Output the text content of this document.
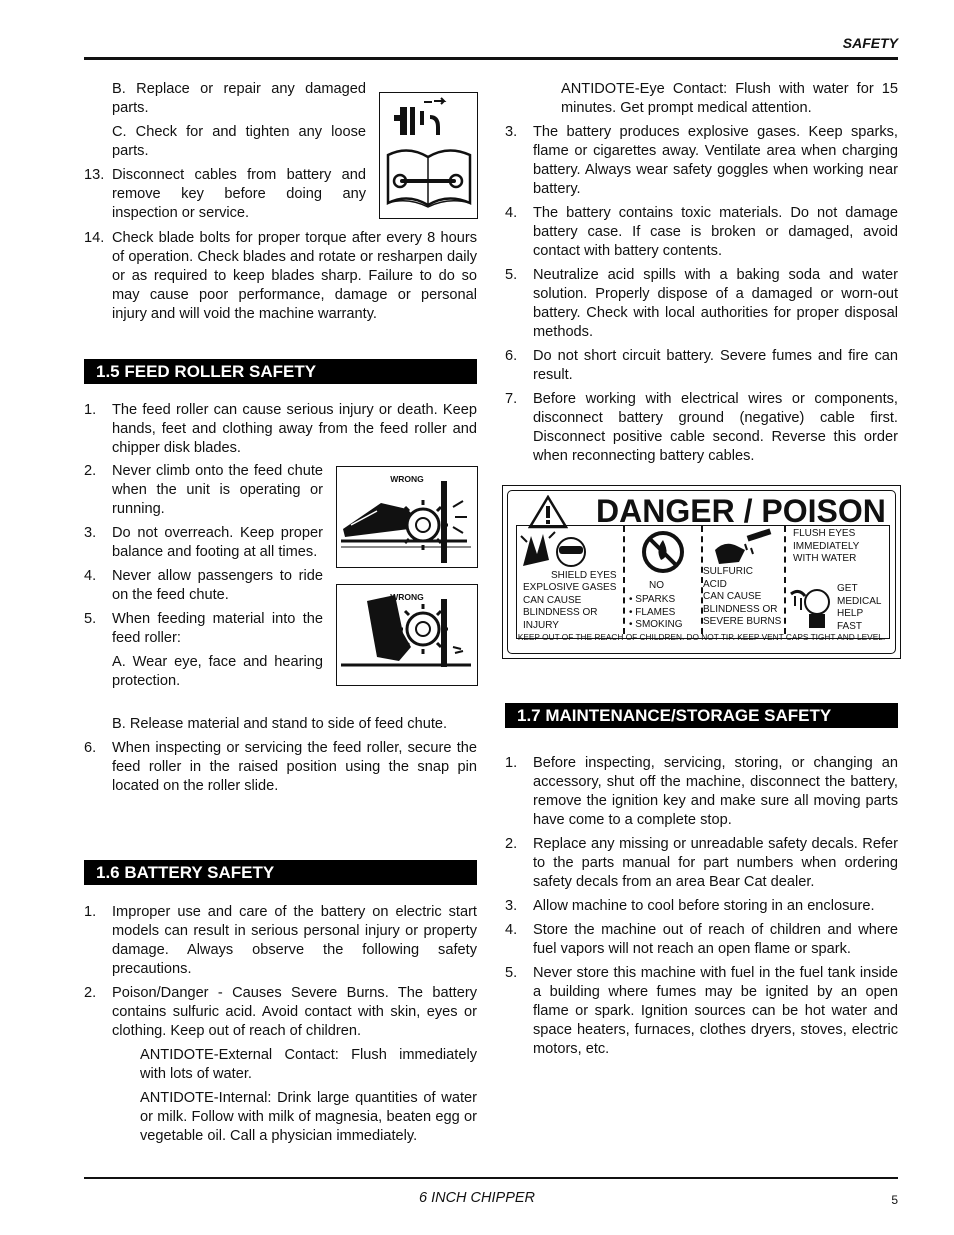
SAFETY

B. Replace or repair any damaged parts.

C. Check for and tighten any loose parts.

13. Disconnect cables from battery and remove key before doing any inspection or service.
14. Check blade bolts for proper torque after every 8 hours of operation. Check blades and rotate or resharpen daily or as required to keep blades sharp. Failure to do so may cause poor performance, damage or personal injury and will void the machine warranty.
1.5 FEED ROLLER SAFETY
1. The feed roller can cause serious injury or death. Keep hands, feet and clothing away from the feed roller and chipper disk blades.
2. Never climb onto the feed chute when the unit is operating or running.
3. Do not overreach. Keep proper balance and footing at all times.
4. Never allow passengers to ride on the feed chute.
5. When feeding material into the feed roller:

A. Wear eye, face and hearing protection.

WRONG
WRONG

B. Release material and stand to side of feed chute.

6. When inspecting or servicing the feed roller, secure the feed roller in the raised position using the snap pin located on the roller slide.
1.6 BATTERY SAFETY
1. Improper use and care of the battery on electric start models can result in serious personal injury or property damage. Always observe the following safety precautions.
2. Poison/Danger - Causes Severe Burns. The battery contains sulfuric acid. Avoid contact with skin, eyes or clothing. Keep out of reach of children.

ANTIDOTE-External Contact: Flush immediately with lots of water.

ANTIDOTE-Internal: Drink large quantities of water or milk. Follow with milk of magnesia, beaten egg or vegetable oil. Call a physician immediately.

ANTIDOTE-Eye Contact: Flush with water for 15 minutes. Get prompt medical attention.

3. The battery produces explosive gases. Keep sparks, flame or cigarettes away. Ventilate area when charging battery. Always wear safety goggles when working near battery.
4. The battery contains toxic materials. Do not damage battery case. If case is broken or damaged, avoid contact with battery contents.
5. Neutralize acid spills with a baking soda and water solution. Properly dispose of a damaged or worn-out battery. Check with local authorities for proper disposal methods.
6. Do not short circuit battery. Severe fumes and fire can result.
7. Before working with electrical wires or components, disconnect battery ground (negative) cable first. Disconnect positive cable second. Reverse this order when reconnecting battery cables.
DANGER / POISON
SHIELD EYES
EXPLOSIVE GASES
CAN CAUSE
BLINDNESS OR
INJURY
NO
• SPARKS
• FLAMES
• SMOKING
SULFURIC
ACID
CAN CAUSE
BLINDNESS OR
SEVERE BURNS
FLUSH EYES
IMMEDIATELY
WITH WATER
GET
MEDICAL
HELP
FAST
KEEP OUT OF THE REACH OF CHILDREN. DO NOT TIP. KEEP VENT CAPS TIGHT AND LEVEL.
1.7 MAINTENANCE/STORAGE SAFETY
1. Before inspecting, servicing, storing, or changing an accessory, shut off the machine, disconnect the battery, remove the ignition key and make sure all moving parts have come to a complete stop.
2. Replace any missing or unreadable safety decals. Refer to the parts manual for part numbers when ordering safety decals from an area Bear Cat dealer.
3. Allow machine to cool before storing in an enclosure.
4. Store the machine out of reach of children and where fuel vapors will not reach an open flame or spark.
5. Never store this machine with fuel in the fuel tank inside a building where fumes may be ignited by an open flame or spark. Ignition sources can be hot water and space heaters, furnaces, clothes dryers, stoves, electric motors, etc.
6 INCH CHIPPER	5
